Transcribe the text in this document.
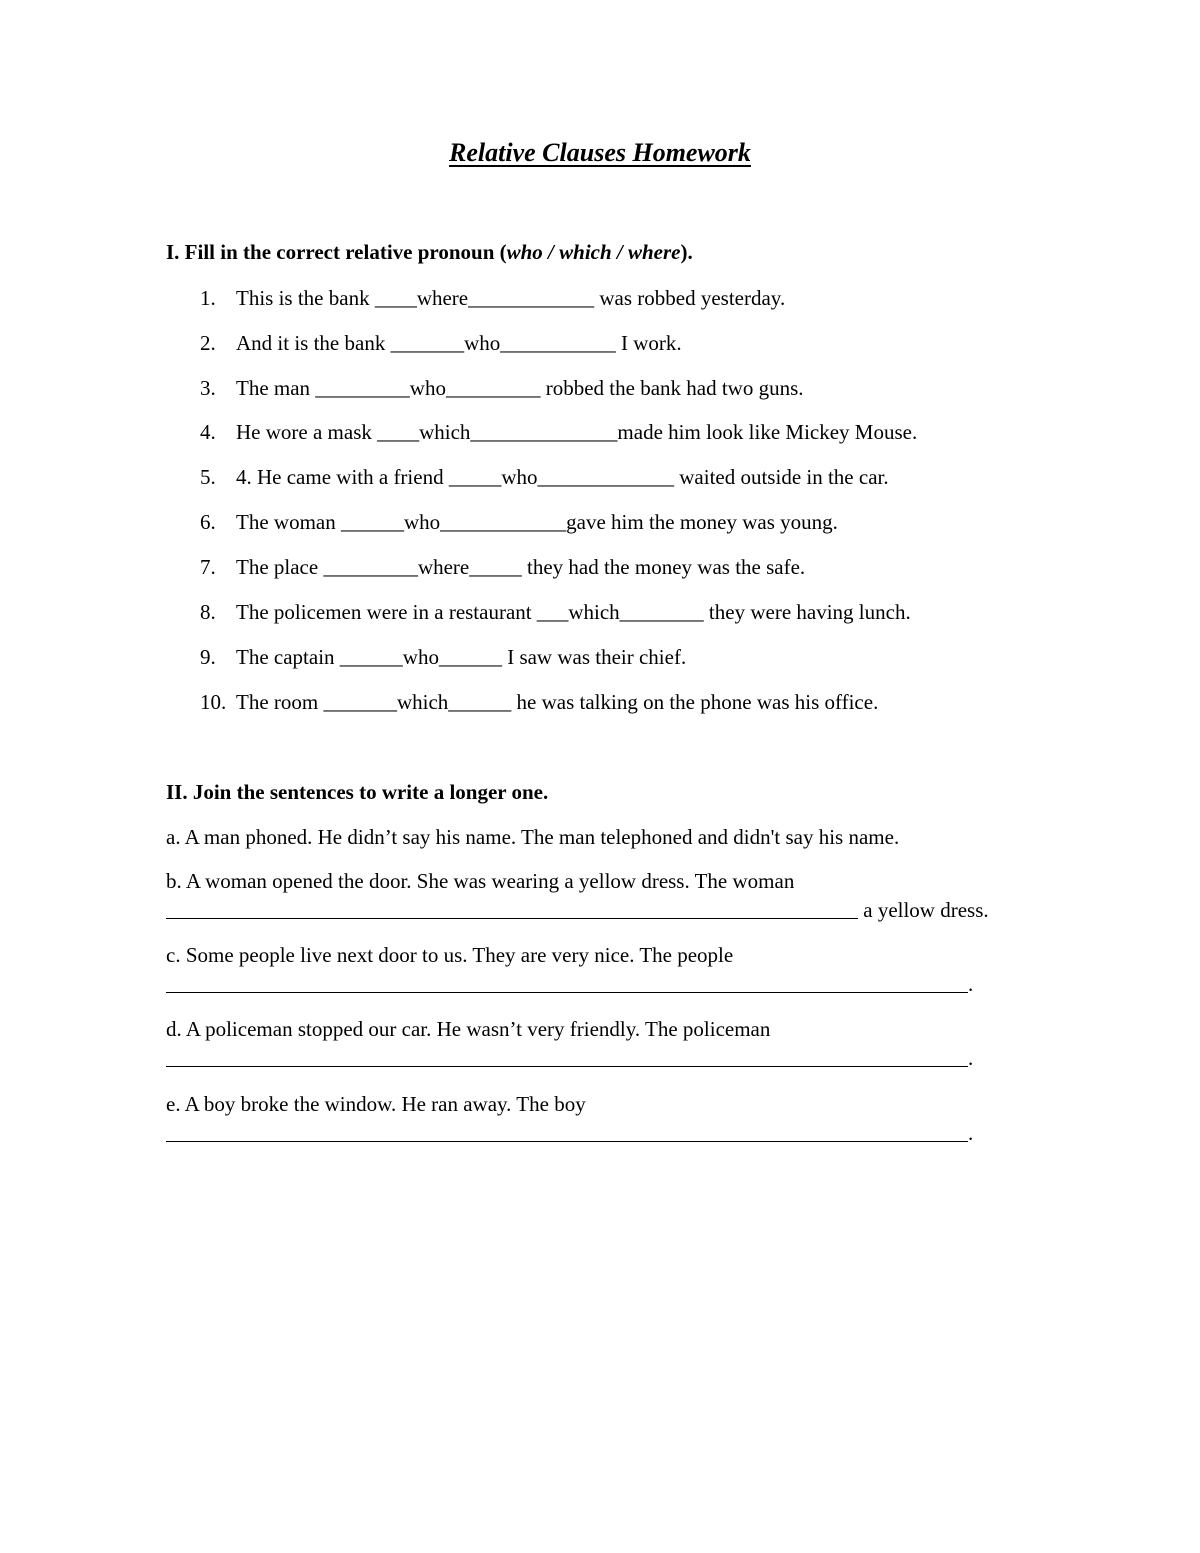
Relative Clauses Homework
I. Fill in the correct relative pronoun (who / which / where).
1. This is the bank ____where____________ was robbed yesterday.
2. And it is the bank _______who___________ I work.
3. The man _________who_________ robbed the bank had two guns.
4. He wore a mask ____which______________made him look like Mickey Mouse.
5. 4. He came with a friend _____who_____________ waited outside in the car.
6. The woman ______who____________gave him the money was young.
7. The place _________where_____ they had the money was the safe.
8. The policemen were in a restaurant ___which________ they were having lunch.
9. The captain ______who______ I saw was their chief.
10. The room _______which______ he was talking on the phone was his office.
II. Join the sentences to write a longer one.
a. A man phoned. He didn’t say his name. The man telephoned and didn't say his name.
b. A woman opened the door. She was wearing a yellow dress. The woman
a yellow dress.
c. Some people live next door to us. They are very nice. The people
.
d. A policeman stopped our car. He wasn’t very friendly. The policeman
.
e. A boy broke the window. He ran away. The boy
.
